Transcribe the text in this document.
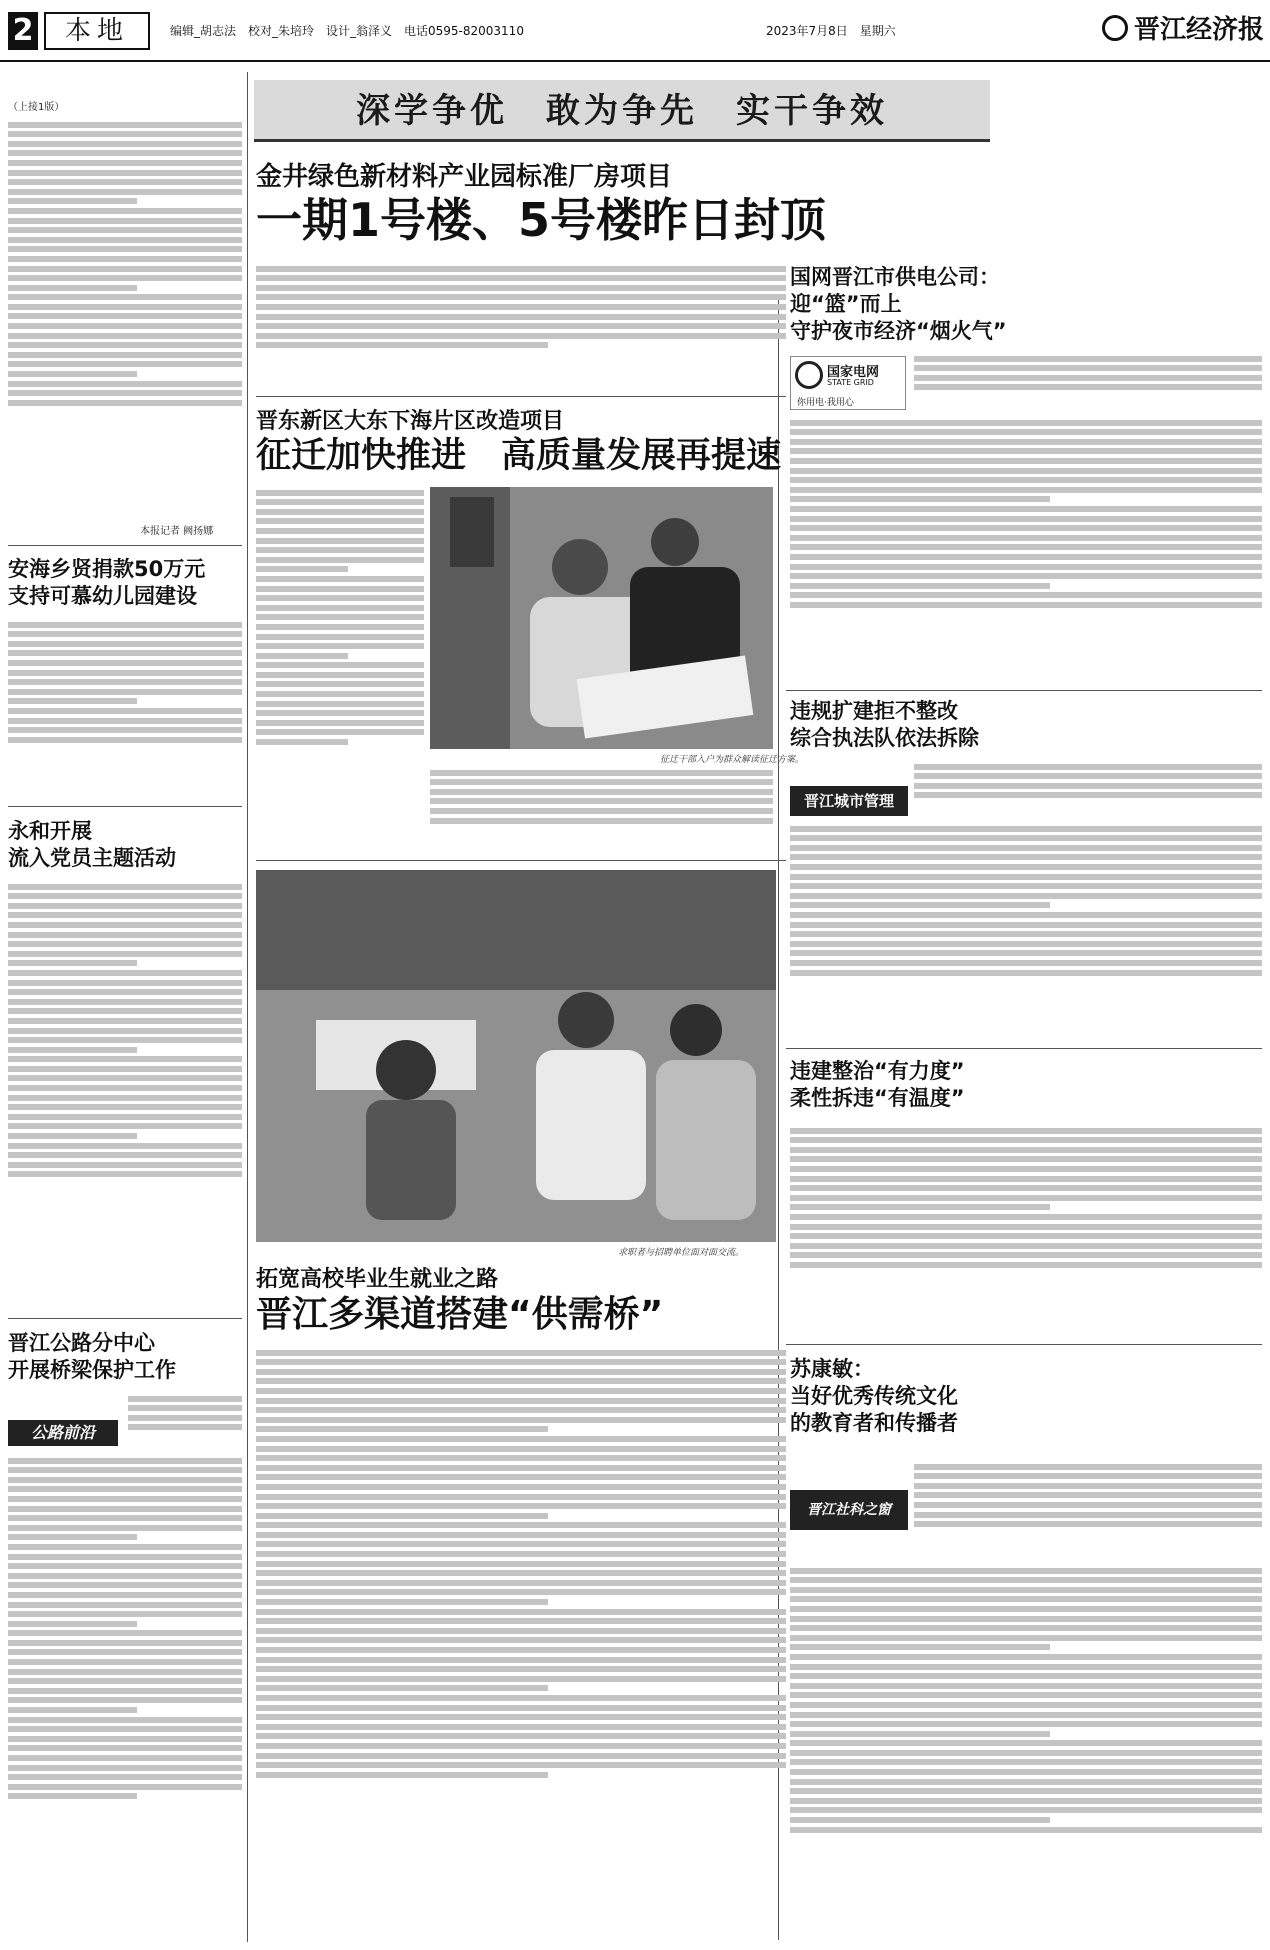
2	本地	编辑_胡志法　校对_朱培玲　设计_翁泽义　电话0595-82003110	2023年7月8日　星期六	晋江经济报
（上接1版）
本报记者 阙扬娜
安海乡贤捐款50万元
支持可慕幼儿园建设
永和开展
流入党员主题活动
晋江公路分中心
开展桥梁保护工作
公路前沿
深学争优　敢为争先　实干争效
金井绿色新材料产业园标准厂房项目
一期1号楼、5号楼昨日封顶
晋东新区大东下海片区改造项目
征迁加快推进　高质量发展再提速
征迁干部入户为群众解读征迁方案。
求职者与招聘单位面对面交流。
拓宽高校毕业生就业之路
晋江多渠道搭建“供需桥”
国网晋江市供电公司：
迎“篮”而上
守护夜市经济“烟火气”
国家电网
STATE GRID
你用电·我用心
违规扩建拒不整改
综合执法队依法拆除
晋江城市管理
违建整治“有力度”
柔性拆违“有温度”
苏康敏：
当好优秀传统文化
的教育者和传播者
晋江社科之窗
